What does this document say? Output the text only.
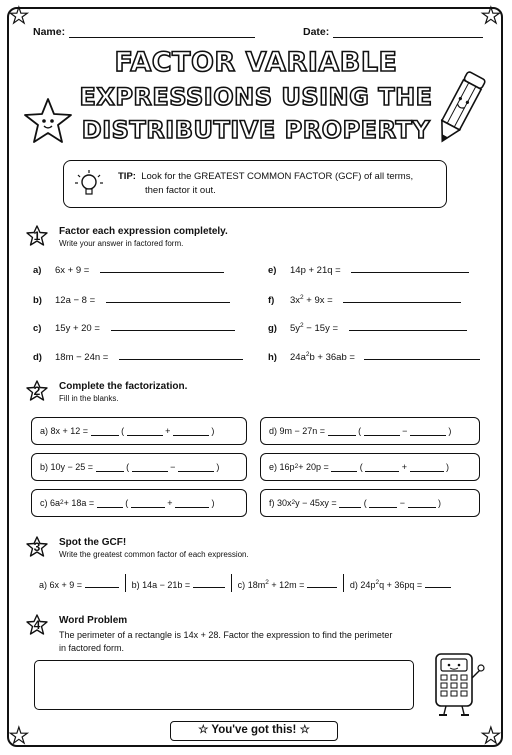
★	★
★	★
Name:	Date:
FACTOR VARIABLE
EXPRESSIONS USING THE
DISTRIBUTIVE PROPERTY
TIP: Look for the GREATEST COMMON FACTOR (GCF) of all terms,
then factor it out.
1	Factor each expression completely.
Write your answer in factored form.
a) 6x + 9 =
b) 12a − 8 =
c) 15y + 20 =
d) 18m − 24n =
e) 14p + 21q =
f) $3x^2 + 9x$ =
g) $5y^2 - 15y$ =
h) $24a^2b + 36ab$ =
2	Complete the factorization.
Fill in the blanks.
a)
8x + 12 =
	(
	+
	)
b)
10y − 25 =
	(
	−
	)
c)
6a 2 + 18a =
	(
	+
	)
d)
9m − 27n =
	(
	−
	)
e)
16p 2 + 20p =
	(
	+
	)
f)
30x 2 y − 45xy =
	(
	−
	)
3	Spot the GCF!
Write the greatest common factor of each expression.
a) 6x + 9 =	b) 14a − 21b =	c) $18m^2 + 12m$ =	d) $24p^2q + 36pq$ =
4	Word Problem
The perimeter of a rectangle is 14x + 28. Factor the expression to find the perimeter
in factored form.
☆ You've got this! ☆
